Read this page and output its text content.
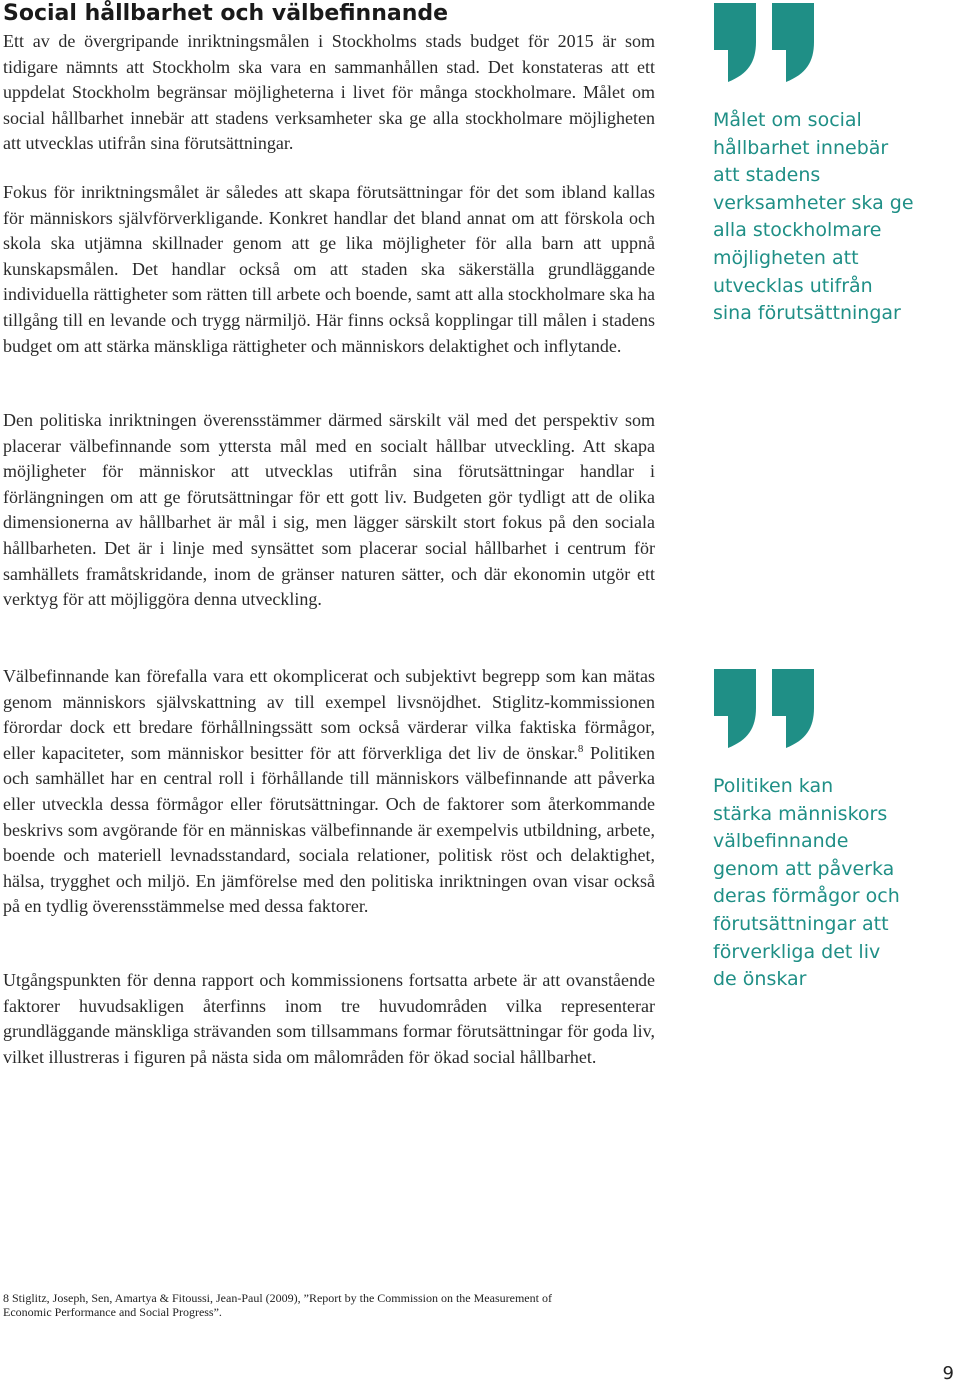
Social hållbarhet och välbefinnande

Ett av de övergripande inriktningsmålen i Stockholms stads budget för 2015 är som tidigare nämnts att Stockholm ska vara en sammanhållen stad. Det konstateras att ett uppdelat Stockholm begränsar möjligheterna i livet för många stockholmare. Målet om social hållbarhet innebär att stadens verksamheter ska ge alla stockholmare möjligheten att utvecklas utifrån sina förutsättningar.

Fokus för inriktningsmålet är således att skapa förutsättningar för det som ibland kallas för människors självförverkligande. Konkret handlar det bland annat om att förskola och skola ska utjämna skillnader genom att ge lika möjligheter för alla barn att uppnå kunskapsmålen. Det handlar också om att staden ska säkerställa grundläggande individuella rättigheter som rätten till arbete och boende, samt att alla stockholmare ska ha tillgång till en levande och trygg närmiljö. Här finns också kopplingar till målen i stadens budget om att stärka mänskliga rättigheter och människors delaktighet och inflytande.

Den politiska inriktningen överensstämmer därmed särskilt väl med det perspektiv som placerar välbefinnande som yttersta mål med en socialt hållbar utveckling. Att skapa möjligheter för människor att utvecklas utifrån sina förutsättningar handlar i förlängningen om att ge förutsättningar för ett gott liv. Budgeten gör tydligt att de olika dimensionerna av hållbarhet är mål i sig, men lägger särskilt stort fokus på den sociala hållbarheten. Det är i linje med synsättet som placerar social hållbarhet i centrum för samhällets framåtskridande, inom de gränser naturen sätter, och där ekonomin utgör ett verktyg för att möjliggöra denna utveckling.

Välbefinnande kan förefalla vara ett okomplicerat och subjektivt begrepp som kan mätas genom människors självskattning av till exempel livsnöjdhet. Stiglitz-kommissionen förordar dock ett bredare förhållningssätt som också värderar vilka faktiska förmågor, eller kapaciteter, som människor besitter för att förverkliga det liv de önskar.$^8$ Politiken och samhället har en central roll i förhållande till människors välbefinnande att påverka eller utveckla dessa förmågor eller förutsättningar. Och de faktorer som återkommande beskrivs som avgörande för en människas välbefinnande är exempelvis utbildning, arbete, boende och materiell levnadsstandard, sociala relationer, politisk röst och delaktighet, hälsa, trygghet och miljö. En jämförelse med den politiska inriktningen ovan visar också på en tydlig överensstämmelse med dessa faktorer.

Utgångspunkten för denna rapport och kommissionens fortsatta arbete är att ovanstående faktorer huvudsakligen återfinns inom tre huvudområden vilka representerar grundläggande mänskliga strävanden som tillsammans formar förutsättningar för goda liv, vilket illustreras i figuren på nästa sida om målområden för ökad social hållbarhet.

Målet om social
hållbarhet innebär
att stadens
verksamheter ska ge
alla stockholmare
möjligheten att
utvecklas utifrån
sina förutsättningar

Politiken kan
stärka människors
välbefinnande
genom att påverka
deras förmågor och
förutsättningar att
förverkliga det liv
de önskar

8 Stiglitz, Joseph, Sen, Amartya & Fitoussi, Jean-Paul (2009), ”Report by the Commission on the Measurement of
Economic Performance and Social Progress”.

9
